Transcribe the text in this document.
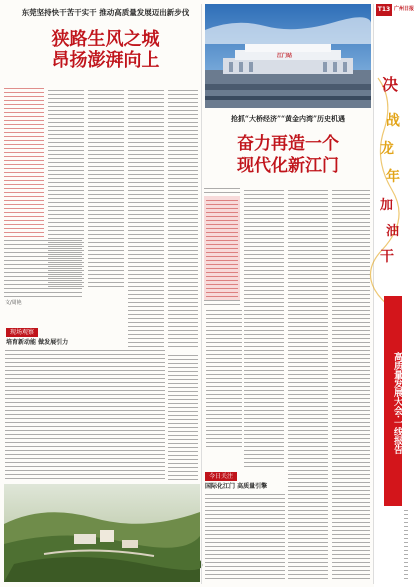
东莞坚持快干苦干实干 推动高质量发展迈出新步伐
狭路生风之城
昂扬澎湃向上
文/周艳
现场观察
培育新动能 做发展引力
江门站
抢抓“大桥经济”“黄金内湾”历史机遇
奋力再造一个
现代化新江门
今日关注
国际化江门 高质量引擎
T13 广州日报
决
战
龙
年
加
油
干
高质量发展大会·一线报告
